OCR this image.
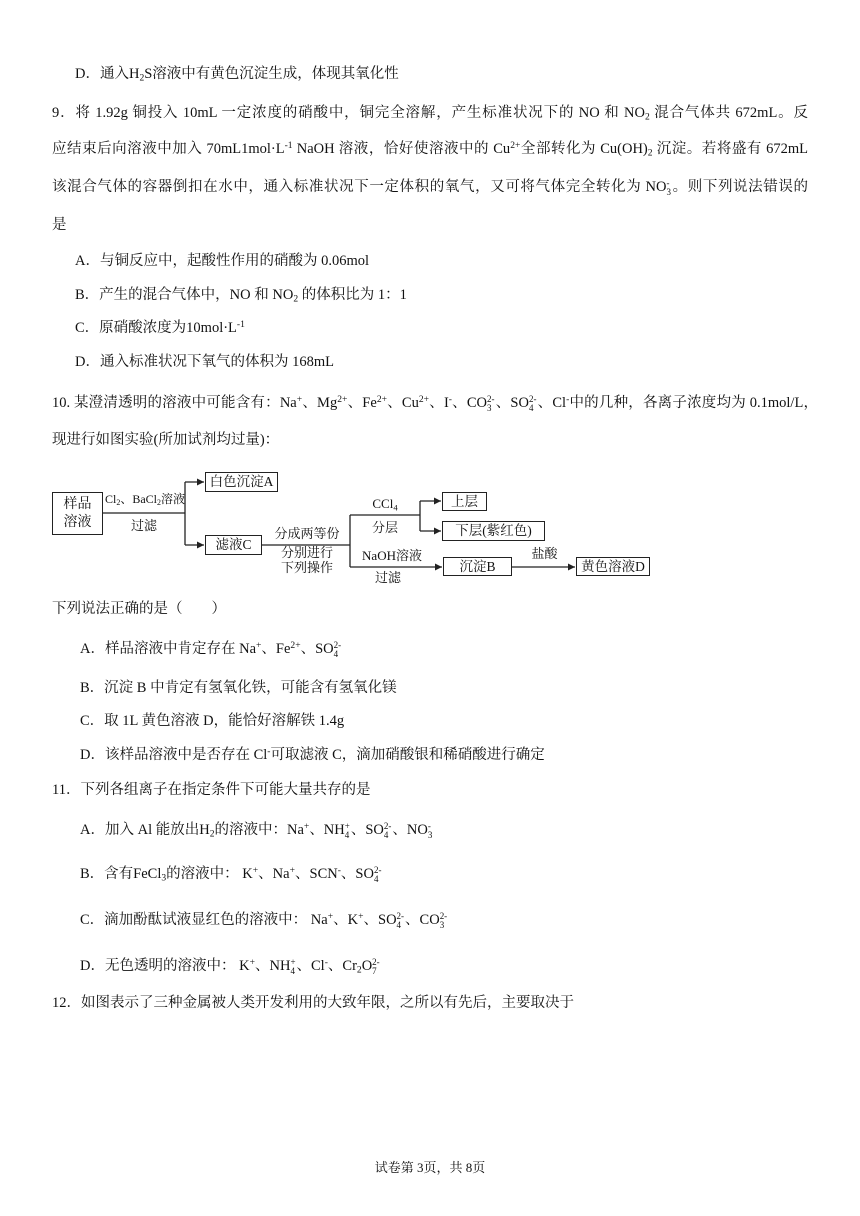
D．通入H2S溶液中有黄色沉淀生成，体现其氧化性
9．将 1.92g 铜投入 10mL 一定浓度的硝酸中，铜完全溶解，产生标准状况下的 NO 和 NO2 混合气体共 672mL。反
应结束后向溶液中加入 $70mL1mol\cdot L^{-1}$ NaOH 溶液，恰好使溶液中的 $Cu^{2+}$全部转化为 Cu(OH)2 沉淀。若将盛有 672mL
该混合气体的容器倒扣在水中，通入标准状况下一定体积的氧气，又可将气体完全转化为 NO -
3 。则下列说法错误的
是
A．与铜反应中，起酸性作用的硝酸为 0.06mol
B．产生的混合气体中，NO 和 NO2 的体积比为 1：1
C．原硝酸浓度为$10mol\cdot L^{-1}$
D．通入标准状况下氧气的体积为 168mL
10. 某澄清透明的溶液中可能含有：Na+、$Mg^{2+}$、$Fe^{2+}$、$Cu^{2+}$、I-、CO 2-
3 、SO 2-
4 、Cl-中的几种，各离子浓度均为 0.1mol/L，
现进行如图实验(所加试剂均过量)：
样品
溶液
Cl2、BaCl2溶液
过滤
白色沉淀A
滤液C
分成两等份
分别进行
下列操作
CCl4
分层
上层
下层(紫红色)
NaOH溶液
过滤
沉淀B
盐酸
黄色溶液D
下列说法正确的是（　　）
A．样品溶液中肯定存在 Na+、$Fe^{2+}$、SO 2-
4
B．沉淀 B 中肯定有氢氧化铁，可能含有氢氧化镁
C．取 1L 黄色溶液 D，能恰好溶解铁 1.4g
D．该样品溶液中是否存在 Cl-可取滤液 C，滴加硝酸银和稀硝酸进行确定
11．下列各组离子在指定条件下可能大量共存的是
A．加入 Al 能放出H2的溶液中：Na+、NH +
4 、SO 2-
4 、NO -
3
B．含有FeCl3的溶液中： K+、Na+、SCN-、SO 2-
4
C．滴加酚酞试液显红色的溶液中： Na+、K+、SO 2-
4 、CO 2-
3
D．无色透明的溶液中： K+、NH +
4 、Cl-、Cr2O 2-
7
12．如图表示了三种金属被人类开发利用的大致年限，之所以有先后，主要取决于
试卷第 3页，共 8页
